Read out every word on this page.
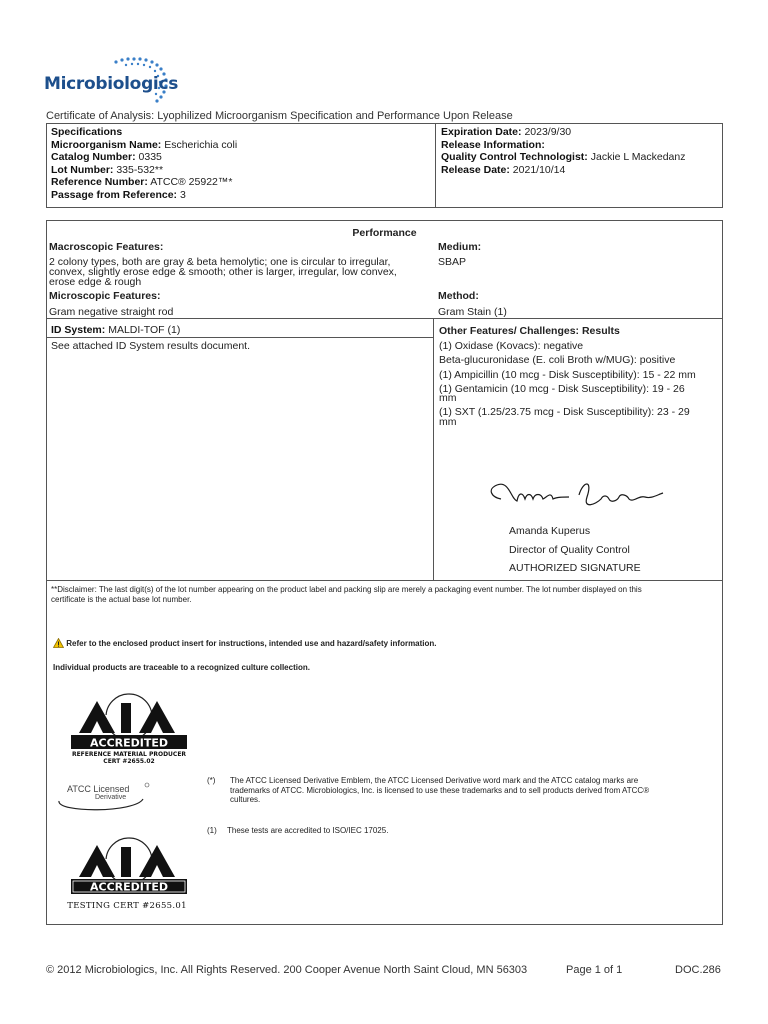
Microbiologics
Certificate of Analysis: Lyophilized Microorganism Specification and Performance Upon Release
Specifications
Microorganism Name: Escherichia coli
Catalog Number: 0335
Lot Number: 335-532**
Reference Number: ATCC® 25922™*
Passage from Reference: 3
Expiration Date: 2023/9/30
Release Information:
Quality Control Technologist: Jackie L Mackedanz
Release Date: 2021/10/14
Performance
Macroscopic Features:
2 colony types, both are gray & beta hemolytic; one is circular to irregular,
convex, slightly erose edge & smooth; other is larger, irregular, low convex,
erose edge & rough
Medium:
SBAP
Microscopic Features:
Gram negative straight rod
Method:
Gram Stain (1)
ID System: MALDI-TOF (1)
See attached ID System results document.
Other Features/ Challenges: Results
(1) Oxidase (Kovacs): negative
Beta-glucuronidase (E. coli Broth w/MUG): positive
(1) Ampicillin (10 mcg - Disk Susceptibility): 15 - 22 mm
(1) Gentamicin (10 mcg - Disk Susceptibility): 19 - 26
mm
(1) SXT (1.25/23.75 mcg - Disk Susceptibility): 23 - 29
mm
Amanda Kuperus
Director of Quality Control
AUTHORIZED SIGNATURE
**Disclaimer: The last digit(s) of the lot number appearing on the product label and packing slip are merely a packaging event number. The lot number displayed on this
certificate is the actual base lot number.
Refer to the enclosed product insert for instructions, intended use and hazard/safety information.
Individual products are traceable to a recognized culture collection.
ACCREDITED
REFERENCE MATERIAL PRODUCER
CERT #2655.02
ATCC Licensed
Derivative
(*) The ATCC Licensed Derivative Emblem, the ATCC Licensed Derivative word mark and the ATCC catalog marks are
trademarks of ATCC. Microbiologics, Inc. is licensed to use these trademarks and to sell products derived from ATCC®
cultures.
(1) These tests are accredited to ISO/IEC 17025.
ACCREDITED
TESTING CERT #2655.01
© 2012 Microbiologics, Inc. All Rights Reserved. 200 Cooper Avenue North Saint Cloud, MN 56303	Page 1 of 1	DOC.286
